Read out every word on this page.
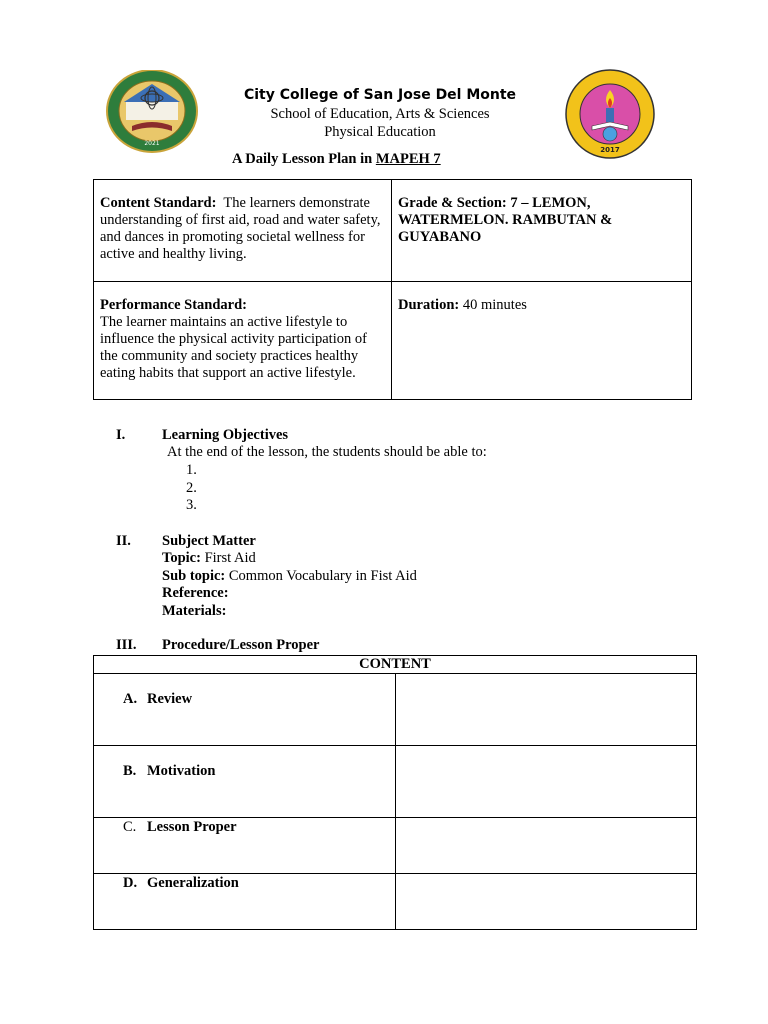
2021
2017
City College of San Jose Del Monte
School of Education, Arts & Sciences
Physical Education
A Daily Lesson Plan in MAPEH 7
Content Standard: The learners demonstrate understanding of first aid, road and water safety, and dances in promoting societal wellness for active and healthy living.	Grade & Section: 7 – LEMON, WATERMELON. RAMBUTAN & GUYABANO
Performance Standard:
The learner maintains an active lifestyle to influence the physical activity participation of the community and society practices healthy eating habits that support an active lifestyle.	Duration: 40 minutes
I.	Learning Objectives
At the end of the lesson, the students should be able to:
1.
2.
3.
II. Subject Matter
Topic: First Aid
Sub topic: Common Vocabulary in Fist Aid
Reference:
Materials:
III. Procedure/Lesson Proper
CONTENT	
A. Review	
B. Motivation	
C. Lesson Proper	
D. Generalization	
